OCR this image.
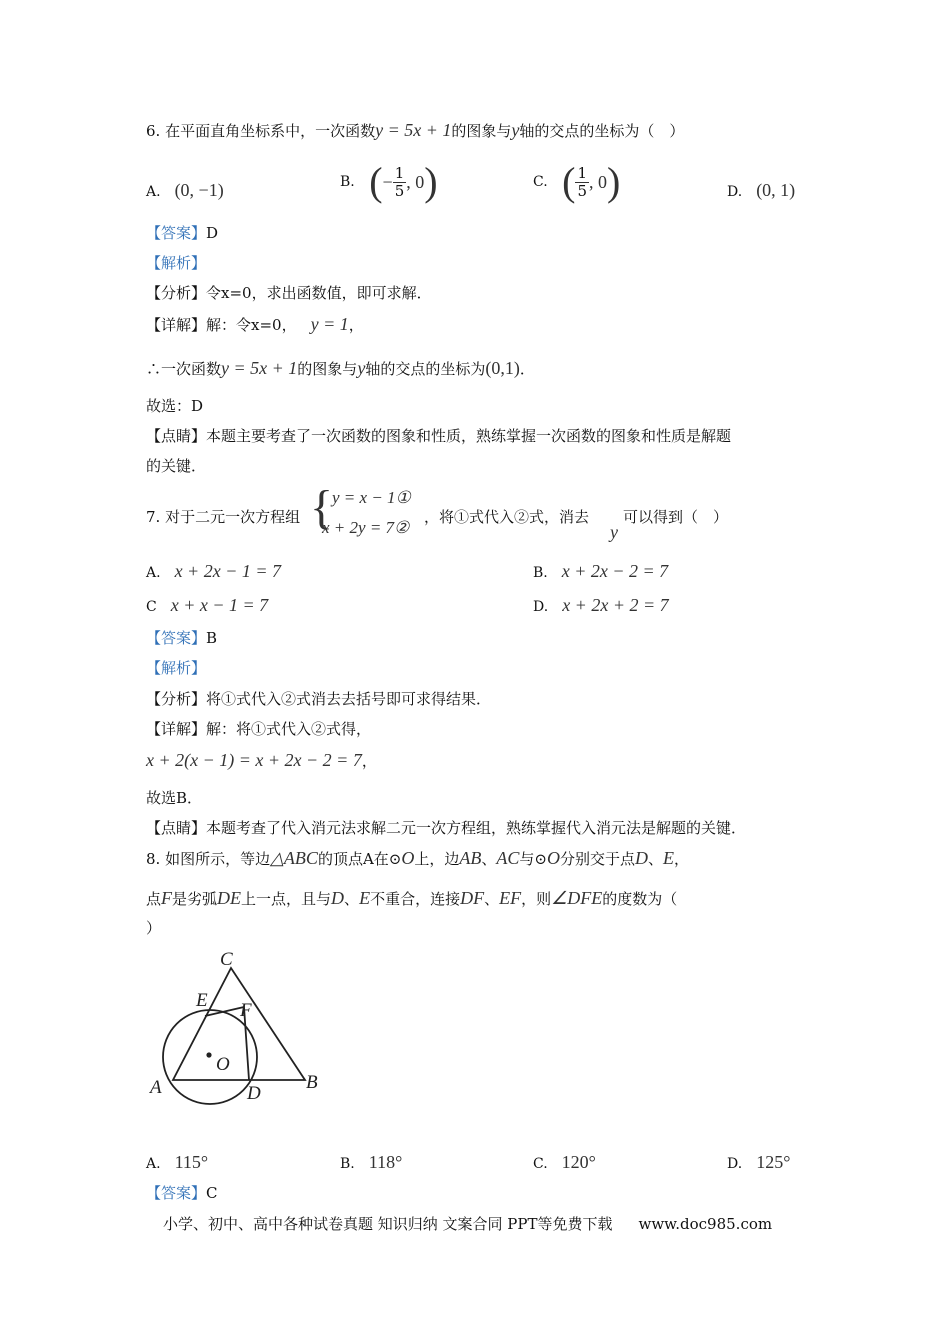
6. 在平面直角坐标系中，一次函数y = 5x + 1的图象与y轴的交点的坐标为（　）
A. (0, −1)	B. (− $\frac{1}{5}$ , 0)	C. ( $\frac{1}{5}$ , 0)	D. (0, 1)
【答案】D
【解析】
【分析】令x=0，求出函数值，即可求解．
【详解】解：令x=0， y = 1，
∴一次函数y = 5x + 1的图象与y轴的交点的坐标为(0,1)．
故选：D
【点睛】本题主要考查了一次函数的图象和性质，熟练掌握一次函数的图象和性质是解题
的关键．
7. 对于二元一次方程组 {
y = x − 1①
x + 2y = 7②
，将①式代入②式，消去
y
可以得到（　）
A. x + 2x − 1 = 7	B. x + 2x − 2 = 7
C x + x − 1 = 7	D. x + 2x + 2 = 7
【答案】B
【解析】
【分析】将①式代入②式消去去括号即可求得结果．
【详解】解：将①式代入②式得，
x + 2(x − 1) = x + 2x − 2 = 7，
故选B．
【点睛】本题考查了代入消元法求解二元一次方程组，熟练掌握代入消元法是解题的关键．
8. 如图所示，等边△ABC的顶点A在⊙O上，边AB、AC与⊙O分别交于点D、E，
点F是劣弧DE上一点，且与D、E不重合，连接DF、EF，则∠DFE的度数为（
）
C
E F
O
A	D
B
A. 115°	B. 118°	C. 120°	D. 125°
【答案】C
小学、初中、高中各种试卷真题 知识归纳 文案合同 PPT等免费下载 www.doc985.com
